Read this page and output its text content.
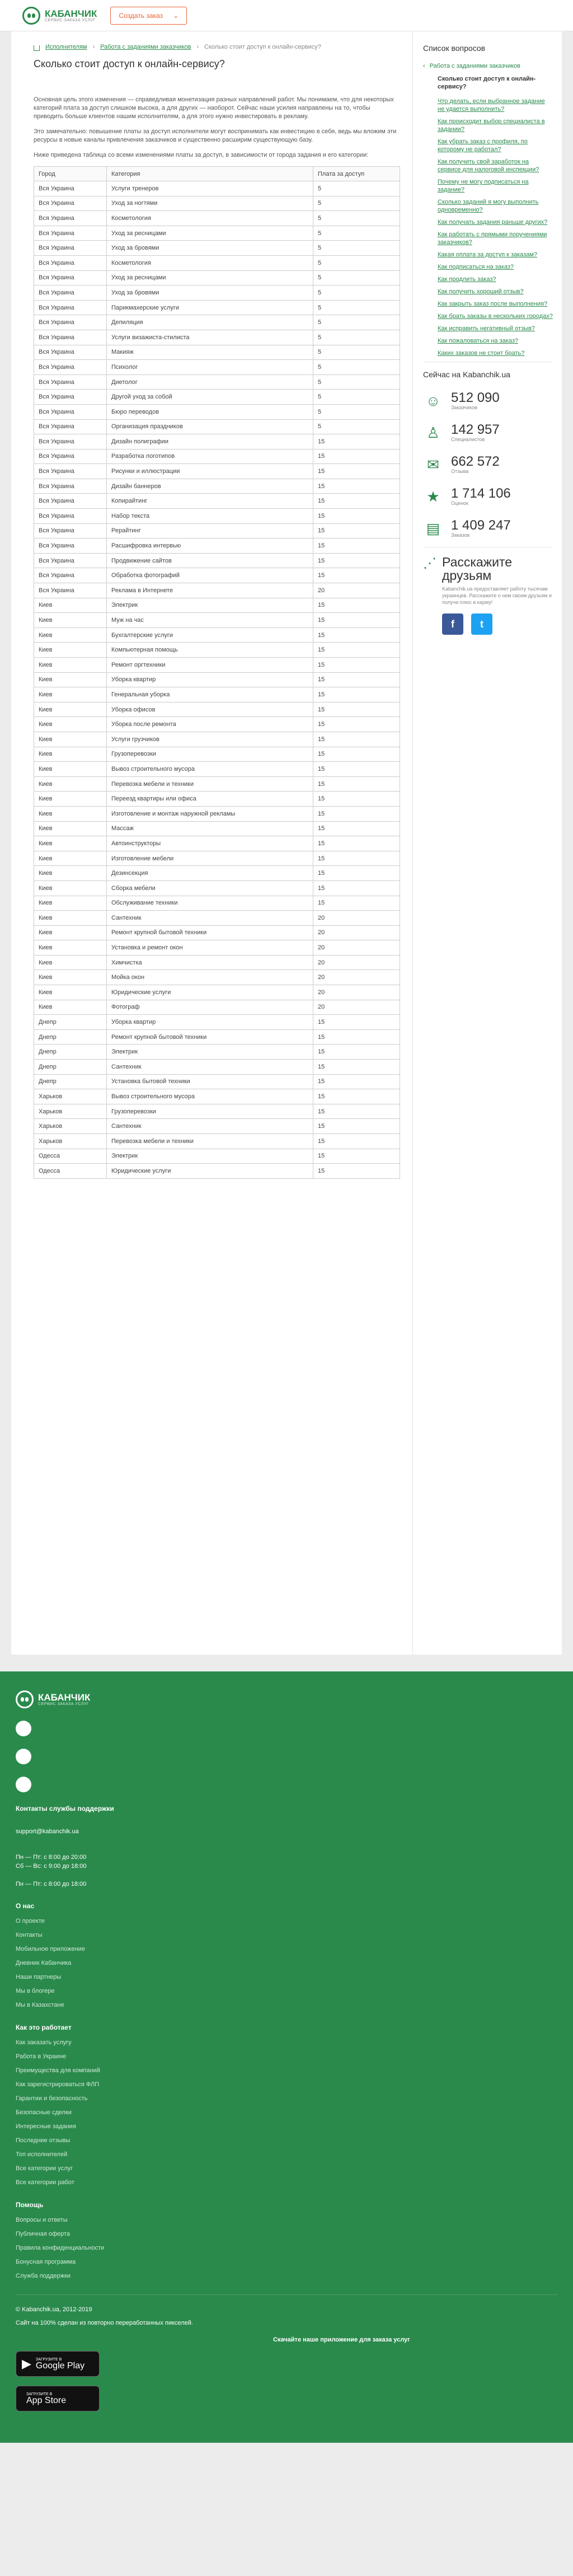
КАБАНЧИК
СЕРВИС ЗАКАЗА УСЛУГ
Создать заказ ⌄
Исполнителям › Работа с заданиями заказчиков › Сколько стоит доступ к онлайн-сервису?
Сколько стоит доступ к онлайн-сервису?

Основная цель этого изменения — справедливая монетизация разных направлений работ. Мы понимаем, что для некоторых категорий плата за доступ слишком высока, а для других — наоборот. Сейчас наши усилия направлены на то, чтобы приводить больше клиентов нашим исполнителям, а для этого нужно инвестировать в рекламу.

Это замечательно: повышение платы за доступ исполнители могут воспринимать как инвестицию в себя, ведь мы вложим эти ресурсы в новые каналы привлечения заказчиков и существенно расширим существующую базу.

Ниже приведена таблица со всеми изменениями платы за доступ, в зависимости от города задания и его категории:

Город	Категория	Плата за доступ
Вся Украина	Услуги тренеров	5
Вся Украина	Уход за ногтями	5
Вся Украина	Косметология	5
Вся Украина	Уход за ресницами	5
Вся Украина	Уход за бровями	5
Вся Украина	Косметология	5
Вся Украина	Уход за ресницами	5
Вся Украина	Уход за бровями	5
Вся Украина	Парикмахерские услуги	5
Вся Украина	Депиляция	5
Вся Украина	Услуги визажиста-стилиста	5
Вся Украина	Макияж	5
Вся Украина	Психолог	5
Вся Украина	Диетолог	5
Вся Украина	Другой уход за собой	5
Вся Украина	Бюро переводов	5
Вся Украина	Организация праздников	5
Вся Украина	Дизайн полиграфии	15
Вся Украина	Разработка логотипов	15
Вся Украина	Рисунки и иллюстрации	15
Вся Украина	Дизайн баннеров	15
Вся Украина	Копирайтинг	15
Вся Украина	Набор текста	15
Вся Украина	Рерайтинг	15
Вся Украина	Расшифровка интервью	15
Вся Украина	Продвижение сайтов	15
Вся Украина	Обработка фотографий	15
Вся Украина	Реклама в Интернете	20
Киев	Электрик	15
Киев	Муж на час	15
Киев	Бухгалтерские услуги	15
Киев	Компьютерная помощь	15
Киев	Ремонт оргтехники	15
Киев	Уборка квартир	15
Киев	Генеральная уборка	15
Киев	Уборка офисов	15
Киев	Уборка после ремонта	15
Киев	Услуги грузчиков	15
Киев	Грузоперевозки	15
Киев	Вывоз строительного мусора	15
Киев	Перевозка мебели и техники	15
Киев	Переезд квартиры или офиса	15
Киев	Изготовление и монтаж наружной рекламы	15
Киев	Массаж	15
Киев	Автоинструкторы	15
Киев	Изготовление мебели	15
Киев	Дезинсекция	15
Киев	Сборка мебели	15
Киев	Обслуживание техники	15
Киев	Сантехник	20
Киев	Ремонт крупной бытовой техники	20
Киев	Установка и ремонт окон	20
Киев	Химчистка	20
Киев	Мойка окон	20
Киев	Юридические услуги	20
Киев	Фотограф	20
Днепр	Уборка квартир	15
Днепр	Ремонт крупной бытовой техники	15
Днепр	Электрик	15
Днепр	Сантехник	15
Днепр	Установка бытовой техники	15
Харьков	Вывоз строительного мусора	15
Харьков	Грузоперевозки	15
Харьков	Сантехник	15
Харьков	Перевозка мебели и техники	15
Одесса	Электрик	15
Одесса	Юридические услуги	15
Список вопросов
‹ Работа с заданиями заказчиков
Сколько стоит доступ к онлайн-сервису?
Что делать, если выбранное задание не удается выполнить?
Как происходит выбор специалиста в задании?
Как убрать заказ с профиля, по которому не работал?
Как получить свой заработок на сервисе для налоговой инспекции?
Почему не могу подписаться на задание?
Сколько заданий я могу выполнить одновременно?
Как получать задания раньше других?
Как работать с прямыми поручениями заказчиков?
Какая оплата за доступ к заказам?
Как подписаться на заказ?
Как продлить заказ?
Как получить хороший отзыв?
Как закрыть заказ после выполнения?
Как брать заказы в нескольких городах?
Как исправить негативный отзыв?
Как пожаловаться на заказ?
Каких заказов не стоит брать?
Сейчас на Kabanchik.ua
☺ 512 090
Заказчиков
♙ 142 957
Специалистов
✉ 662 572
Отзыва
★ 1 714 106
Оценок
▤ 1 409 247
Заказов
⋰ Расскажите друзьям
Kabanchik.ua предоставляет работу тысячам украинцев. Расскажите о нем своим друзьям и получи плюс в карму!
f	t
КАБАНЧИК
СЕРВИС ЗАКАЗА УСЛУГ
Контакты службы поддержки
support@kabanchik.ua
Пн — Пт: с 8:00 до 20:00
Сб — Вс: с 9:00 до 18:00
Пн — Пт: с 8:00 до 18:00
О нас
О проекте
Контакты
Мобильное приложение
Дневник Кабанчика
Наши партнеры
Мы в блогере
Мы в Казахстане
Как это работает
Как заказать услугу
Работа в Украине
Преимущества для компаний
Как зарегистрироваться ФЛП
Гарантии и безопасность
Безопасные сделки
Интересные задания
Последние отзывы
Топ исполнителей
Все категории услуг
Все категории работ
Помощь
Вопросы и ответы
Публичная оферта
Правила конфиденциальности
Бонусная программа
Служба поддержки
© Kabanchik.ua, 2012-2019
Сайт на 100% сделан из повторно переработанных пикселей.
Скачайте наше приложение для заказа услуг
▶ ЗАГРУЗИТЕ В
Google Play
ЗАГРУЗИТЕ В
App Store
